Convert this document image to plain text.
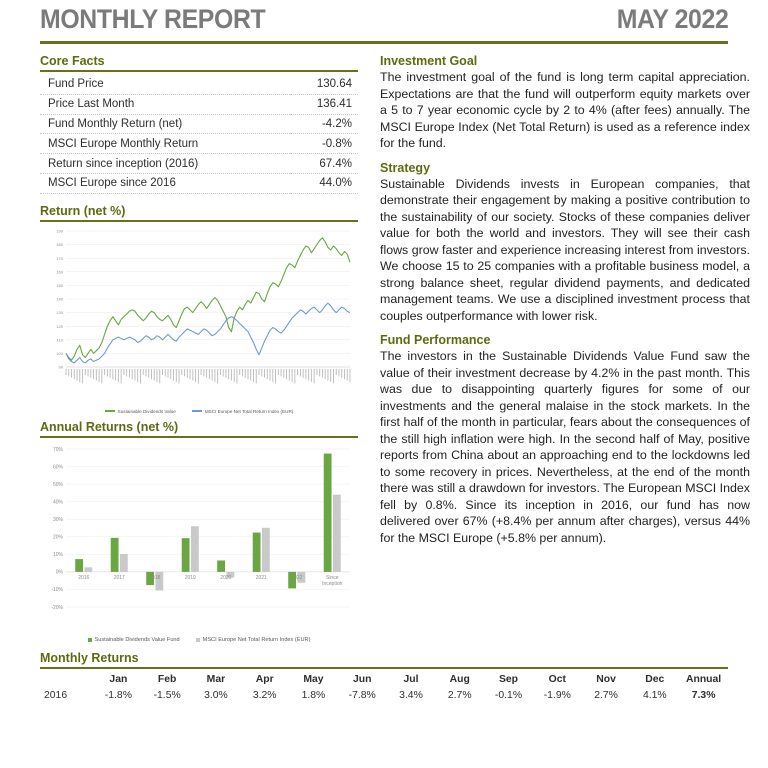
MONTHLY REPORT	MAY 2022
Core Facts
Fund Price	130.64
Price Last Month	136.41
Fund Monthly Return (net)	-4.2%
MSCI Europe Monthly Return	-0.8%
Return since inception (2016)	67.4%
MSCI Europe since 2016	44.0%
Return (net %)
90
100
110
120
130
140
150
160
170
180
190
Sustainable Dividends Value	MSCI Europe Net Total Return Index (EUR)
Annual Returns (net %)
-20%
-10%
0%
10%
20%
30%
40%
50%
60%
70%
2016	2017	2018	2019	2020	2021	2022	Since
Inception
Sustainable Dividends Value Fund	MSCI Europe Net Total Return Index (EUR)
Investment Goal
The investment goal of the fund is long term capital appreciation. Expectations are that the fund will outperform equity markets over a 5 to 7 year economic cycle by 2 to 4% (after fees) annually. The MSCI Europe Index (Net Total Return) is used as a reference index for the fund.
Strategy
Sustainable Dividends invests in European companies, that demonstrate their engagement by making a positive contribution to the sustainability of our society. Stocks of these companies deliver value for both the world and investors. They will see their cash flows grow faster and experience increasing interest from investors. We choose 15 to 25 companies with a profitable business model, a strong balance sheet, regular dividend payments, and dedicated management teams. We use a disciplined investment process that couples outperformance with lower risk.
Fund Performance
The investors in the Sustainable Dividends Value Fund saw the value of their investment decrease by 4.2% in the past month. This was due to disappointing quarterly figures for some of our investments and the general malaise in the stock markets. In the first half of the month in particular, fears about the consequences of the still high inflation were high. In the second half of May, positive reports from China about an approaching end to the lockdowns led to some recovery in prices. Nevertheless, at the end of the month there was still a drawdown for investors. The European MSCI Index fell by 0.8%. Since its inception in 2016, our fund has now delivered over 67% (+8.4% per annum after charges), versus 44% for the MSCI Europe (+5.8% per annum).
Monthly Returns
	Jan	Feb	Mar	Apr	May	Jun	Jul	Aug	Sep	Oct	Nov	Dec	Annual
2016	-1.8%	-1.5%	3.0%	3.2%	1.8%	-7.8%	3.4%	2.7%	-0.1%	-1.9%	2.7%	4.1%	7.3%
